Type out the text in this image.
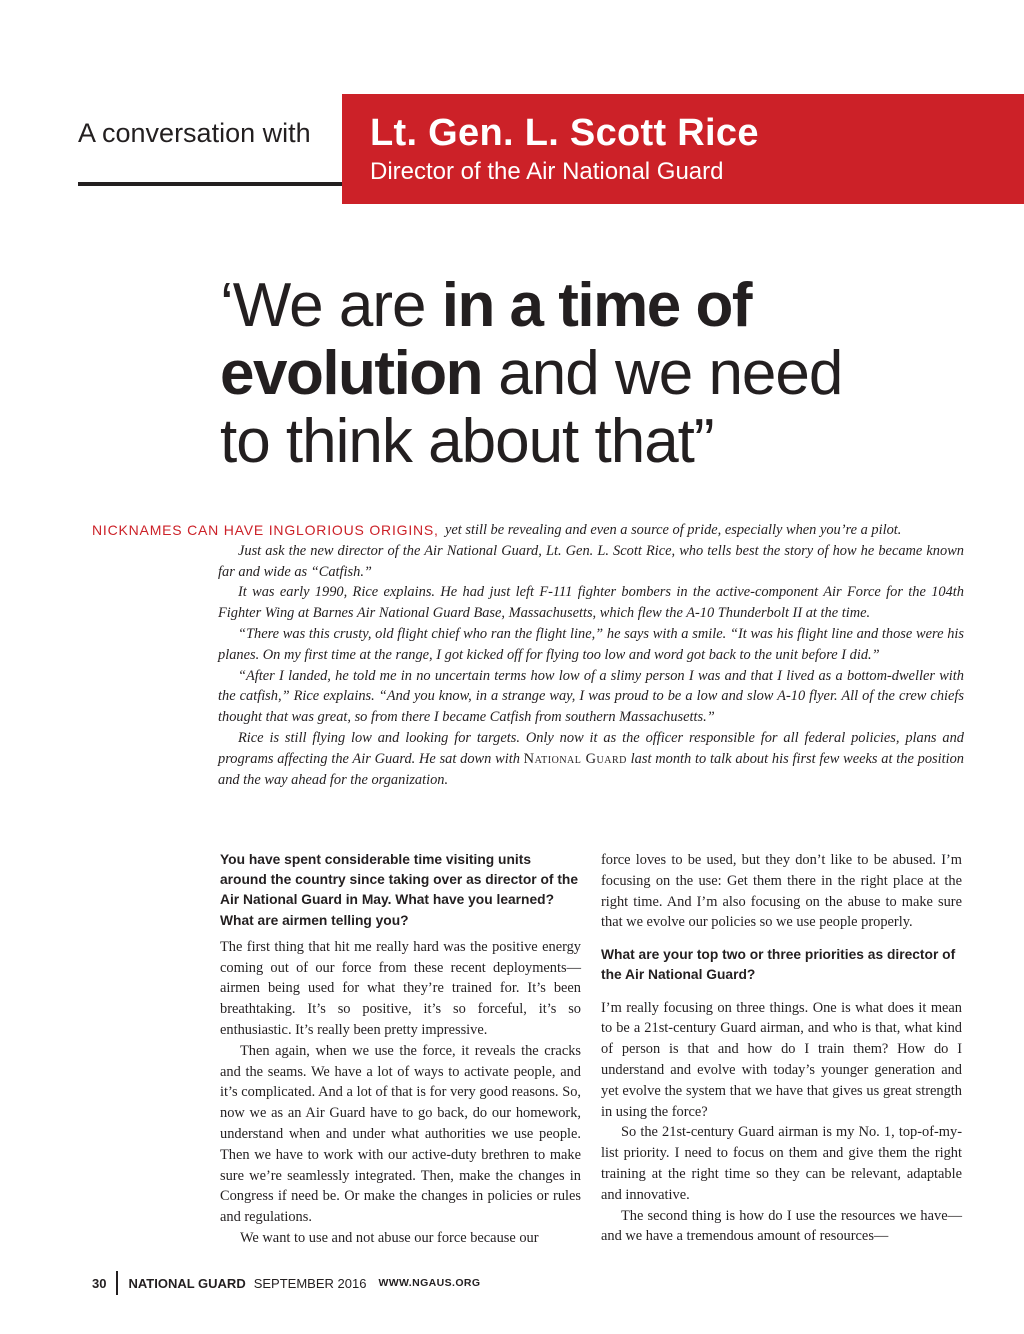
A conversation with Lt. Gen. L. Scott Rice
Director of the Air National Guard
‘We are in a time of
evolution and we need
to think about that”
NICKNAMES CAN HAVE INGLORIOUS ORIGINS, yet still be revealing and even a source of pride, especially when you’re a pilot.

Just ask the new director of the Air National Guard, Lt. Gen. L. Scott Rice, who tells best the story of how he became known far and wide as “Catfish.”

It was early 1990, Rice explains. He had just left F-111 fighter bombers in the active-component Air Force for the 104th Fighter Wing at Barnes Air National Guard Base, Massachusetts, which flew the A-10 Thunderbolt II at the time.

“There was this crusty, old flight chief who ran the flight line,” he says with a smile. “It was his flight line and those were his planes. On my first time at the range, I got kicked off for flying too low and word got back to the unit before I did.”

“After I landed, he told me in no uncertain terms how low of a slimy person I was and that I lived as a bottom-dweller with the catfish,” Rice explains. “And you know, in a strange way, I was proud to be a low and slow A-10 flyer. All of the crew chiefs thought that was great, so from there I became Catfish from southern Massachusetts.”

Rice is still flying low and looking for targets. Only now it as the officer responsible for all federal policies, plans and programs affecting the Air Guard. He sat down with National Guard last month to talk about his first few weeks at the position and the way ahead for the organization.

You have spent considerable time visiting units around the country since taking over as director of the Air National Guard in May. What have you learned? What are airmen telling you?

The first thing that hit me really hard was the positive energy coming out of our force from these recent deployments—airmen being used for what they’re trained for. It’s been breathtaking. It’s so positive, it’s so forceful, it’s so enthusiastic. It’s really been pretty impressive.

Then again, when we use the force, it reveals the cracks and the seams. We have a lot of ways to activate people, and it’s complicated. And a lot of that is for very good reasons. So, now we as an Air Guard have to go back, do our homework, understand when and under what authorities we use people. Then we have to work with our active-duty brethren to make sure we’re seamlessly integrated. Then, make the changes in Congress if need be. Or make the changes in policies or rules and regulations.

We want to use and not abuse our force because our

force loves to be used, but they don’t like to be abused. I’m focusing on the use: Get them there in the right place at the right time. And I’m also focusing on the abuse to make sure that we evolve our policies so we use people properly.

What are your top two or three priorities as director of the Air National Guard?

I’m really focusing on three things. One is what does it mean to be a 21st-century Guard airman, and who is that, what kind of person is that and how do I train them? How do I understand and evolve with today’s younger generation and yet evolve the system that we have that gives us great strength in using the force?

So the 21st-century Guard airman is my No. 1, top-of-my-list priority. I need to focus on them and give them the right training at the right time so they can be relevant, adaptable and innovative.

The second thing is how do I use the resources we have—and we have a tremendous amount of resources—

30 NATIONAL GUARD SEPTEMBER 2016 WWW.NGAUS.ORG
